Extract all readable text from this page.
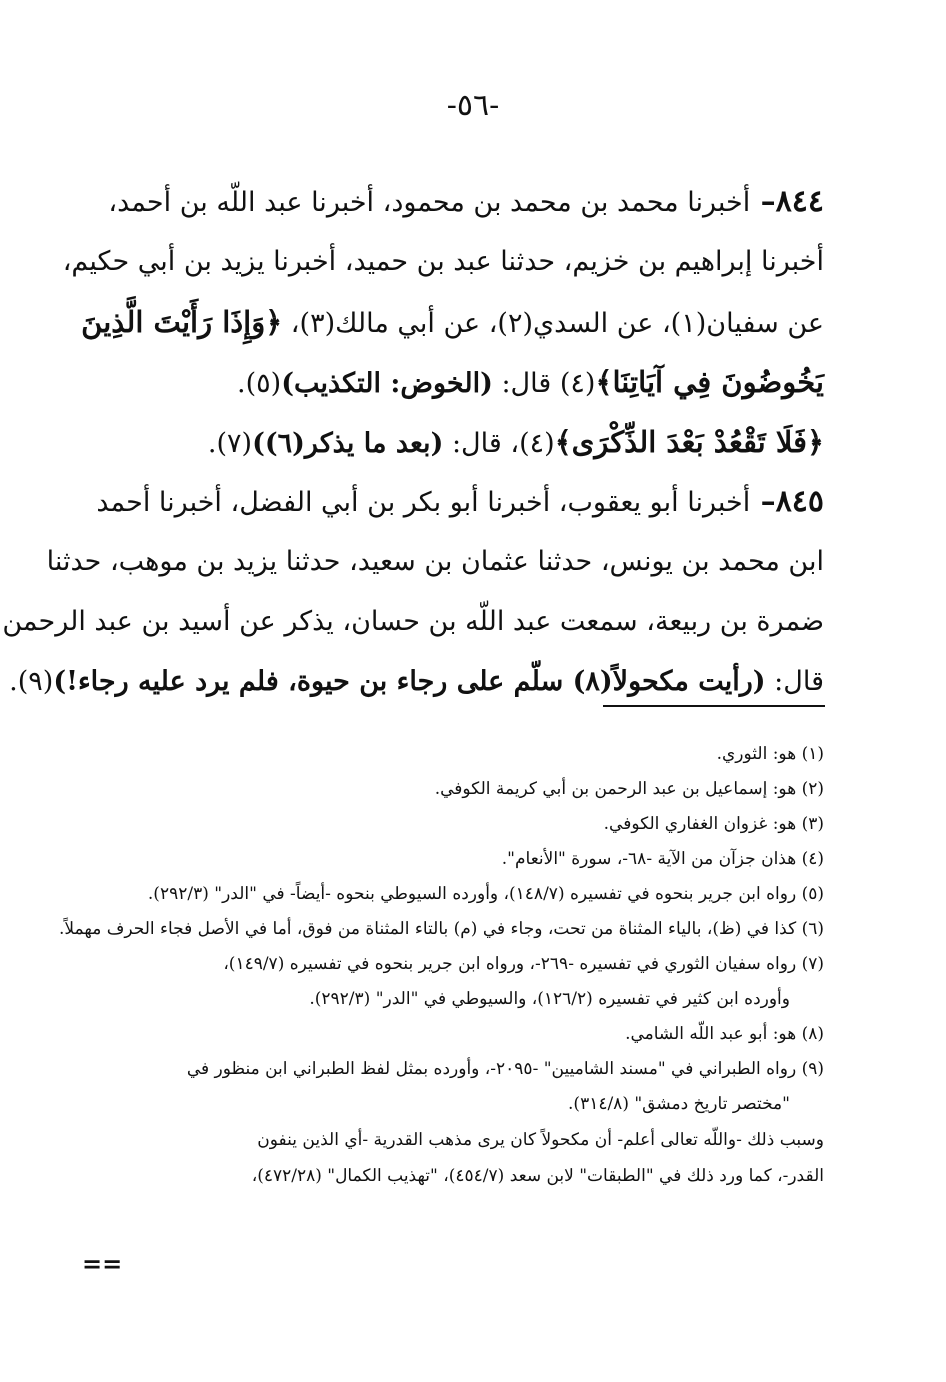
-٥٦-
٨٤٤– أخبرنا محمد بن محمد بن محمود، أخبرنا عبد اللّه بن أحمد،
أخبرنا إبراهيم بن خزيم، حدثنا عبد بن حميد، أخبرنا يزيد بن أبي حكيم،
عن سفيان(١)، عن السدي(٢)، عن أبي مالك(٣)، ﴿وَإِذَا رَأَيْتَ الَّذِينَ
يَخُوضُونَ فِي آيَاتِنَا﴾(٤) قال: (الخوض: التكذيب)(٥).
﴿فَلَا تَقْعُدْ بَعْدَ الذِّكْرَى﴾(٤)، قال: (بعد ما يذكر(٦))(٧).
٨٤٥– أخبرنا أبو يعقوب، أخبرنا أبو بكر بن أبي الفضل، أخبرنا أحمد
ابن محمد بن يونس، حدثنا عثمان بن سعيد، حدثنا يزيد بن موهب، حدثنا
ضمرة بن ربيعة، سمعت عبد اللّه بن حسان، يذكر عن أسيد بن عبد الرحمن
قال: (رأيت مكحولاً(٨) سلّم على رجاء بن حيوة، فلم يرد عليه رجاء!)(٩).
(١) هو: الثوري.
(٢) هو: إسماعيل بن عبد الرحمن بن أبي كريمة الكوفي.
(٣) هو: غزوان الغفاري الكوفي.
(٤) هذان جزآن من الآية -٦٨-، سورة "الأنعام".
(٥) رواه ابن جرير بنحوه في تفسيره (١٤٨/٧)، وأورده السيوطي بنحوه -أيضاً- في "الدر" (٢٩٢/٣).
(٦) كذا في (ظ)، بالياء المثناة من تحت، وجاء في (م) بالتاء المثناة من فوق، أما في الأصل فجاء الحرف مهملاً.
(٧) رواه سفيان الثوري في تفسيره -٢٦٩-، ورواه ابن جرير بنحوه في تفسيره (١٤٩/٧)،
وأورده ابن كثير في تفسيره (١٢٦/٢)، والسيوطي في "الدر" (٢٩٢/٣).
(٨) هو: أبو عبد اللّه الشامي.
(٩) رواه الطبراني في "مسند الشاميين" -٢٠٩٥-، وأورده بمثل لفظ الطبراني ابن منظور في
"مختصر تاريخ دمشق" (٣١٤/٨).
وسبب ذلك -واللّه تعالى أعلم- أن مكحولاً كان يرى مذهب القدرية -أي الذين ينفون
القدر-، كما ورد ذلك في "الطبقات" لابن سعد (٤٥٤/٧)، "تهذيب الكمال" (٤٧٢/٢٨)،
==
